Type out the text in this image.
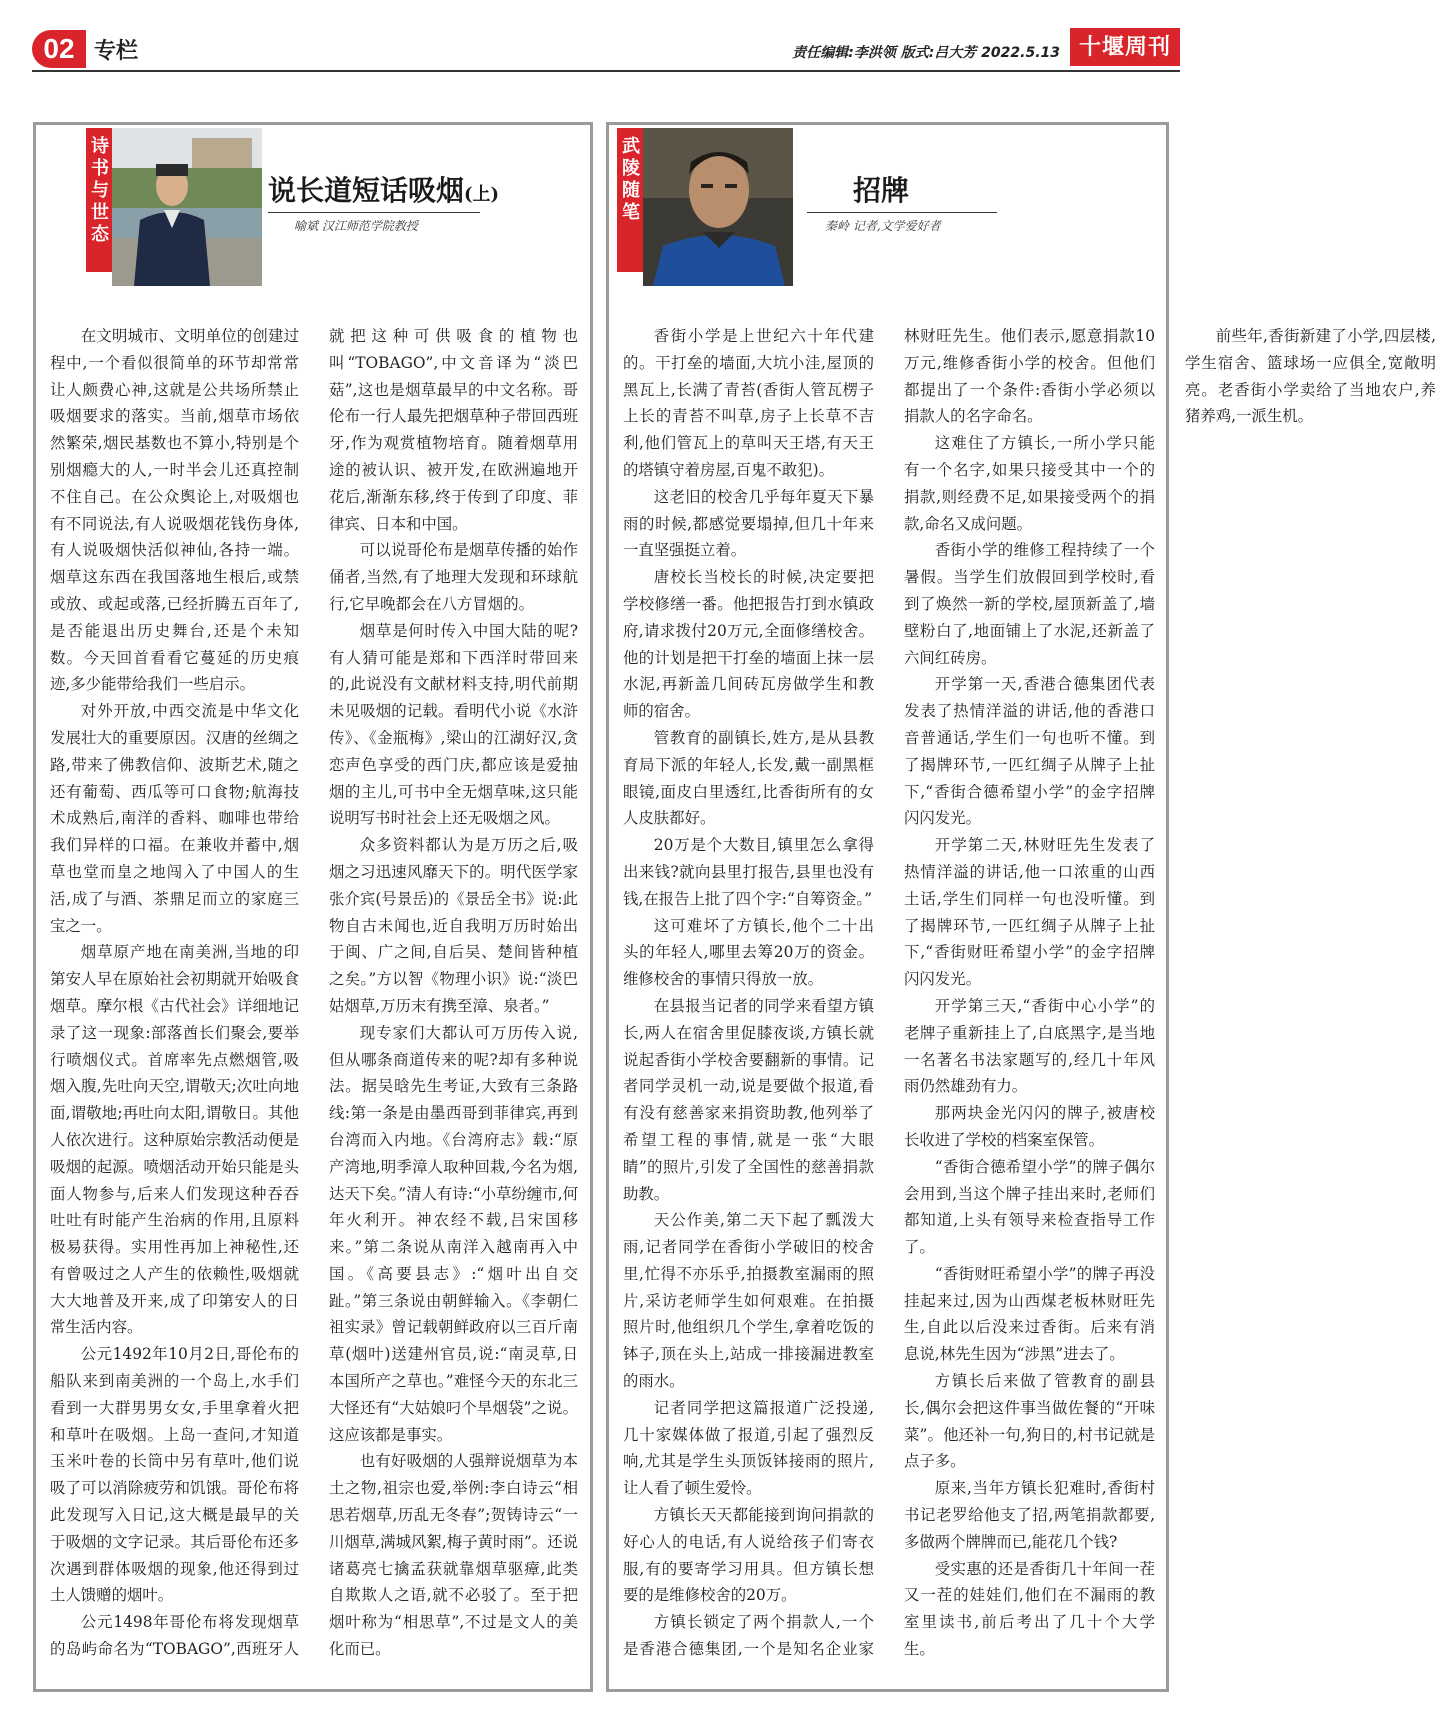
02 专栏	责任编辑:李洪领 版式:吕大芳 2022.5.13 十堰周刊
诗书与世态
说长道短话吸烟(上)
喻斌 汉江师范学院教授

在文明城市、文明单位的创建过程中,一个看似很简单的环节却常常让人颇费心神,这就是公共场所禁止吸烟要求的落实。当前,烟草市场依然繁荣,烟民基数也不算小,特别是个别烟瘾大的人,一时半会儿还真控制不住自己。在公众舆论上,对吸烟也有不同说法,有人说吸烟花钱伤身体,有人说吸烟快活似神仙,各持一端。烟草这东西在我国落地生根后,或禁或放、或起或落,已经折腾五百年了,是否能退出历史舞台,还是个未知数。今天回首看看它蔓延的历史痕迹,多少能带给我们一些启示。

对外开放,中西交流是中华文化发展壮大的重要原因。汉唐的丝绸之路,带来了佛教信仰、波斯艺术,随之还有葡萄、西瓜等可口食物;航海技术成熟后,南洋的香料、咖啡也带给我们异样的口福。在兼收并蓄中,烟草也堂而皇之地闯入了中国人的生活,成了与酒、茶鼎足而立的家庭三宝之一。

烟草原产地在南美洲,当地的印第安人早在原始社会初期就开始吸食烟草。摩尔根《古代社会》详细地记录了这一现象:部落酋长们聚会,要举行喷烟仪式。首席率先点燃烟管,吸烟入腹,先吐向天空,谓敬天;次吐向地面,谓敬地;再吐向太阳,谓敬日。其他人依次进行。这种原始宗教活动便是吸烟的起源。喷烟活动开始只能是头面人物参与,后来人们发现这种吞吞吐吐有时能产生治病的作用,且原料极易获得。实用性再加上神秘性,还有曾吸过之人产生的依赖性,吸烟就大大地普及开来,成了印第安人的日常生活内容。

公元1492年10月2日,哥伦布的船队来到南美洲的一个岛上,水手们看到一大群男男女女,手里拿着火把和草叶在吸烟。上岛一查问,才知道玉米叶卷的长筒中另有草叶,他们说吸了可以消除疲劳和饥饿。哥伦布将此发现写入日记,这大概是最早的关于吸烟的文字记录。其后哥伦布还多次遇到群体吸烟的现象,他还得到过土人馈赠的烟叶。

公元1498年哥伦布将发现烟草的岛屿命名为“TOBAGO”,西班牙人就把这种可供吸食的植物也叫“TOBAGO”,中文音译为“淡巴菇”,这也是烟草最早的中文名称。哥伦布一行人最先把烟草种子带回西班牙,作为观赏植物培育。随着烟草用途的被认识、被开发,在欧洲遍地开花后,渐渐东移,终于传到了印度、菲律宾、日本和中国。

可以说哥伦布是烟草传播的始作俑者,当然,有了地理大发现和环球航行,它早晚都会在八方冒烟的。

烟草是何时传入中国大陆的呢?有人猜可能是郑和下西洋时带回来的,此说没有文献材料支持,明代前期未见吸烟的记载。看明代小说《水浒传》、《金瓶梅》,梁山的江湖好汉,贪恋声色享受的西门庆,都应该是爱抽烟的主儿,可书中全无烟草味,这只能说明写书时社会上还无吸烟之风。

众多资料都认为是万历之后,吸烟之习迅速风靡天下的。明代医学家张介宾(号景岳)的《景岳全书》说:此物自古未闻也,近自我明万历时始出于闽、广之间,自后吴、楚间皆种植之矣。”方以智《物理小识》说:“淡巴姑烟草,万历末有携至漳、泉者。”

现专家们大都认可万历传入说,但从哪条商道传来的呢?却有多种说法。据吴晗先生考证,大致有三条路线:第一条是由墨西哥到菲律宾,再到台湾而入内地。《台湾府志》载:“原产湾地,明季漳人取种回栽,今名为烟,达天下矣。”清人有诗:“小草纷缠市,何年火利开。神农经不载,吕宋国移来。”第二条说从南洋入越南再入中国。《高要县志》:“烟叶出自交趾。”第三条说由朝鲜输入。《李朝仁祖实录》曾记载朝鲜政府以三百斤南草(烟叶)送建州官员,说:“南灵草,日本国所产之草也。”难怪今天的东北三大怪还有“大姑娘叼个旱烟袋”之说。这应该都是事实。

也有好吸烟的人强辩说烟草为本土之物,祖宗也爱,举例:李白诗云“相思若烟草,历乱无冬春”;贺铸诗云“一川烟草,满城风絮,梅子黄时雨”。还说诸葛亮七擒孟获就靠烟草驱瘴,此类自欺欺人之语,就不必驳了。至于把烟叶称为“相思草”,不过是文人的美化而已。

武陵随笔
招牌
秦岭 记者,文学爱好者

香街小学是上世纪六十年代建的。干打垒的墙面,大坑小洼,屋顶的黑瓦上,长满了青苔(香街人管瓦楞子上长的青苔不叫草,房子上长草不吉利,他们管瓦上的草叫天王塔,有天王的塔镇守着房屋,百鬼不敢犯)。

这老旧的校舍几乎每年夏天下暴雨的时候,都感觉要塌掉,但几十年来一直坚强挺立着。

唐校长当校长的时候,决定要把学校修缮一番。他把报告打到水镇政府,请求拨付20万元,全面修缮校舍。他的计划是把干打垒的墙面上抹一层水泥,再新盖几间砖瓦房做学生和教师的宿舍。

管教育的副镇长,姓方,是从县教育局下派的年轻人,长发,戴一副黑框眼镜,面皮白里透红,比香街所有的女人皮肤都好。

20万是个大数目,镇里怎么拿得出来钱?就向县里打报告,县里也没有钱,在报告上批了四个字:“自筹资金。”

这可难坏了方镇长,他个二十出头的年轻人,哪里去筹20万的资金。维修校舍的事情只得放一放。

在县报当记者的同学来看望方镇长,两人在宿舍里促膝夜谈,方镇长就说起香街小学校舍要翻新的事情。记者同学灵机一动,说是要做个报道,看有没有慈善家来捐资助教,他列举了希望工程的事情,就是一张“大眼睛”的照片,引发了全国性的慈善捐款助教。

天公作美,第二天下起了瓢泼大雨,记者同学在香街小学破旧的校舍里,忙得不亦乐乎,拍摄教室漏雨的照片,采访老师学生如何艰难。在拍摄照片时,他组织几个学生,拿着吃饭的钵子,顶在头上,站成一排接漏进教室的雨水。

记者同学把这篇报道广泛投递,几十家媒体做了报道,引起了强烈反响,尤其是学生头顶饭钵接雨的照片,让人看了顿生爱怜。

方镇长天天都能接到询问捐款的好心人的电话,有人说给孩子们寄衣服,有的要寄学习用具。但方镇长想要的是维修校舍的20万。

方镇长锁定了两个捐款人,一个是香港合德集团,一个是知名企业家林财旺先生。他们表示,愿意捐款10万元,维修香街小学的校舍。但他们都提出了一个条件:香街小学必须以捐款人的名字命名。

这难住了方镇长,一所小学只能有一个名字,如果只接受其中一个的捐款,则经费不足,如果接受两个的捐款,命名又成问题。

香街小学的维修工程持续了一个暑假。当学生们放假回到学校时,看到了焕然一新的学校,屋顶新盖了,墙壁粉白了,地面铺上了水泥,还新盖了六间红砖房。

开学第一天,香港合德集团代表发表了热情洋溢的讲话,他的香港口音普通话,学生们一句也听不懂。到了揭牌环节,一匹红绸子从牌子上扯下,“香街合德希望小学”的金字招牌闪闪发光。

开学第二天,林财旺先生发表了热情洋溢的讲话,他一口浓重的山西土话,学生们同样一句也没听懂。到了揭牌环节,一匹红绸子从牌子上扯下,“香街财旺希望小学”的金字招牌闪闪发光。

开学第三天,“香街中心小学”的老牌子重新挂上了,白底黑字,是当地一名著名书法家题写的,经几十年风雨仍然雄劲有力。

那两块金光闪闪的牌子,被唐校长收进了学校的档案室保管。

“香街合德希望小学”的牌子偶尔会用到,当这个牌子挂出来时,老师们都知道,上头有领导来检查指导工作了。

“香街财旺希望小学”的牌子再没挂起来过,因为山西煤老板林财旺先生,自此以后没来过香街。后来有消息说,林先生因为“涉黑”进去了。

方镇长后来做了管教育的副县长,偶尔会把这件事当做佐餐的“开味菜”。他还补一句,狗日的,村书记就是点子多。

原来,当年方镇长犯难时,香街村书记老罗给他支了招,两笔捐款都要,多做两个牌牌而已,能花几个钱?

受实惠的还是香街几十年间一茬又一茬的娃娃们,他们在不漏雨的教室里读书,前后考出了几十个大学生。

前些年,香街新建了小学,四层楼,学生宿舍、篮球场一应俱全,宽敞明亮。老香街小学卖给了当地农户,养猪养鸡,一派生机。
